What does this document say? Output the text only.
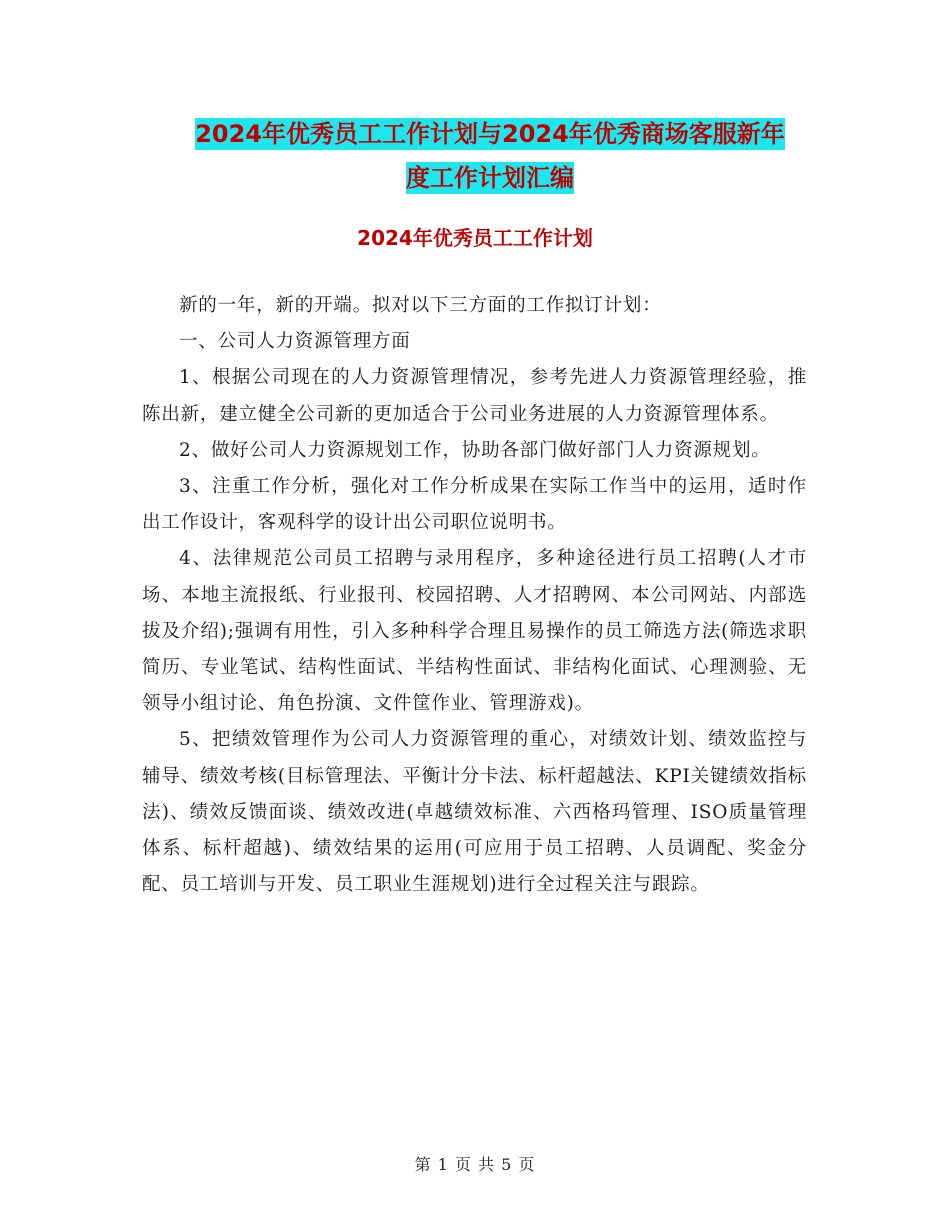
2024年优秀员工工作计划与2024年优秀商场客服新年
度工作计划汇编
2024年优秀员工工作计划

新的一年，新的开端。拟对以下三方面的工作拟订计划：

一、公司人力资源管理方面

1、根据公司现在的人力资源管理情况，参考先进人力资源管理经验，推陈出新，建立健全公司新的更加适合于公司业务进展的人力资源管理体系。

2、做好公司人力资源规划工作，协助各部门做好部门人力资源规划。

3、注重工作分析，强化对工作分析成果在实际工作当中的运用，适时作出工作设计，客观科学的设计出公司职位说明书。

4、法律规范公司员工招聘与录用程序，多种途径进行员工招聘(人才市场、本地主流报纸、行业报刊、校园招聘、人才招聘网、本公司网站、内部选拔及介绍);强调有用性，引入多种科学合理且易操作的员工筛选方法(筛选求职简历、专业笔试、结构性面试、半结构性面试、非结构化面试、心理测验、无领导小组讨论、角色扮演、文件筐作业、管理游戏)。

5、把绩效管理作为公司人力资源管理的重心，对绩效计划、绩效监控与辅导、绩效考核(目标管理法、平衡计分卡法、标杆超越法、KPI关键绩效指标法)、绩效反馈面谈、绩效改进(卓越绩效标准、六西格玛管理、ISO质量管理体系、标杆超越)、绩效结果的运用(可应用于员工招聘、人员调配、奖金分配、员工培训与开发、员工职业生涯规划)进行全过程关注与跟踪。

第 1 页 共 5 页
